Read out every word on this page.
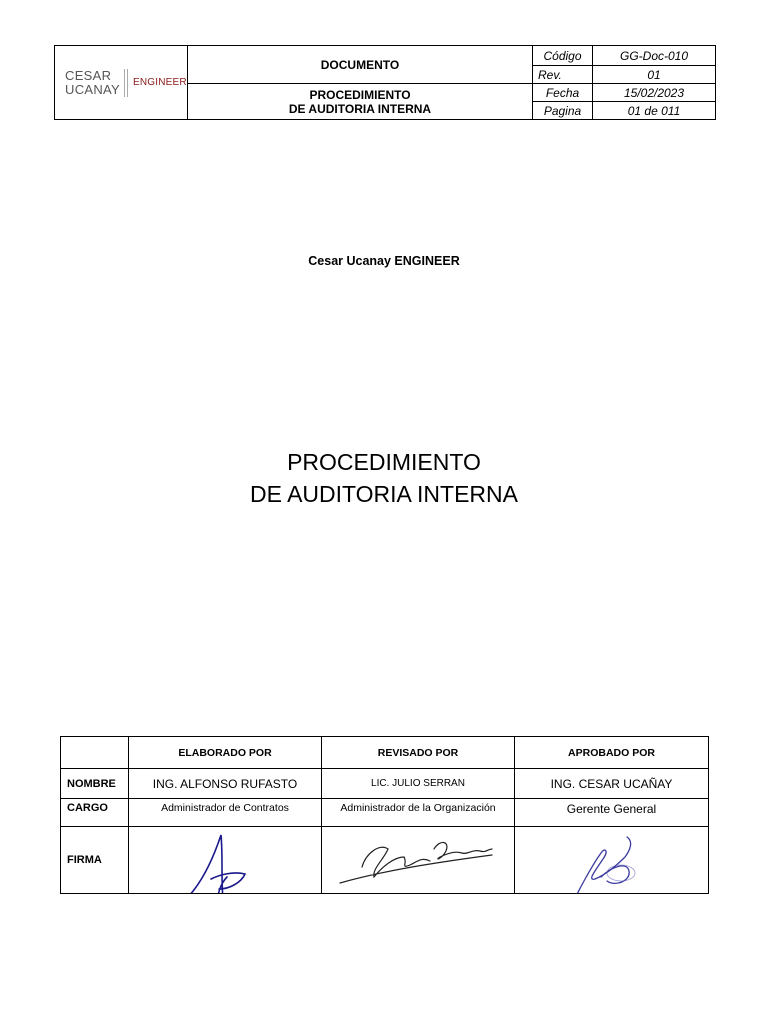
CESAR
UCANAY ENGINEER	DOCUMENTO	Código	GG-Doc-010
		Rev.	01

	PROCEDIMIENTO
DE AUDITORIA INTERNA	Fecha	15/02/2023
		Pagina	01 de 011
Cesar Ucanay ENGINEER
PROCEDIMIENTO
DE AUDITORIA INTERNA
	ELABORADO POR	REVISADO POR	APROBADO POR
NOMBRE	ING. ALFONSO RUFASTO	LIC. JULIO SERRAN	ING. CESAR UCAÑAY
CARGO	Administrador de Contratos	Administrador de la Organización	Gerente General
FIRMA	
